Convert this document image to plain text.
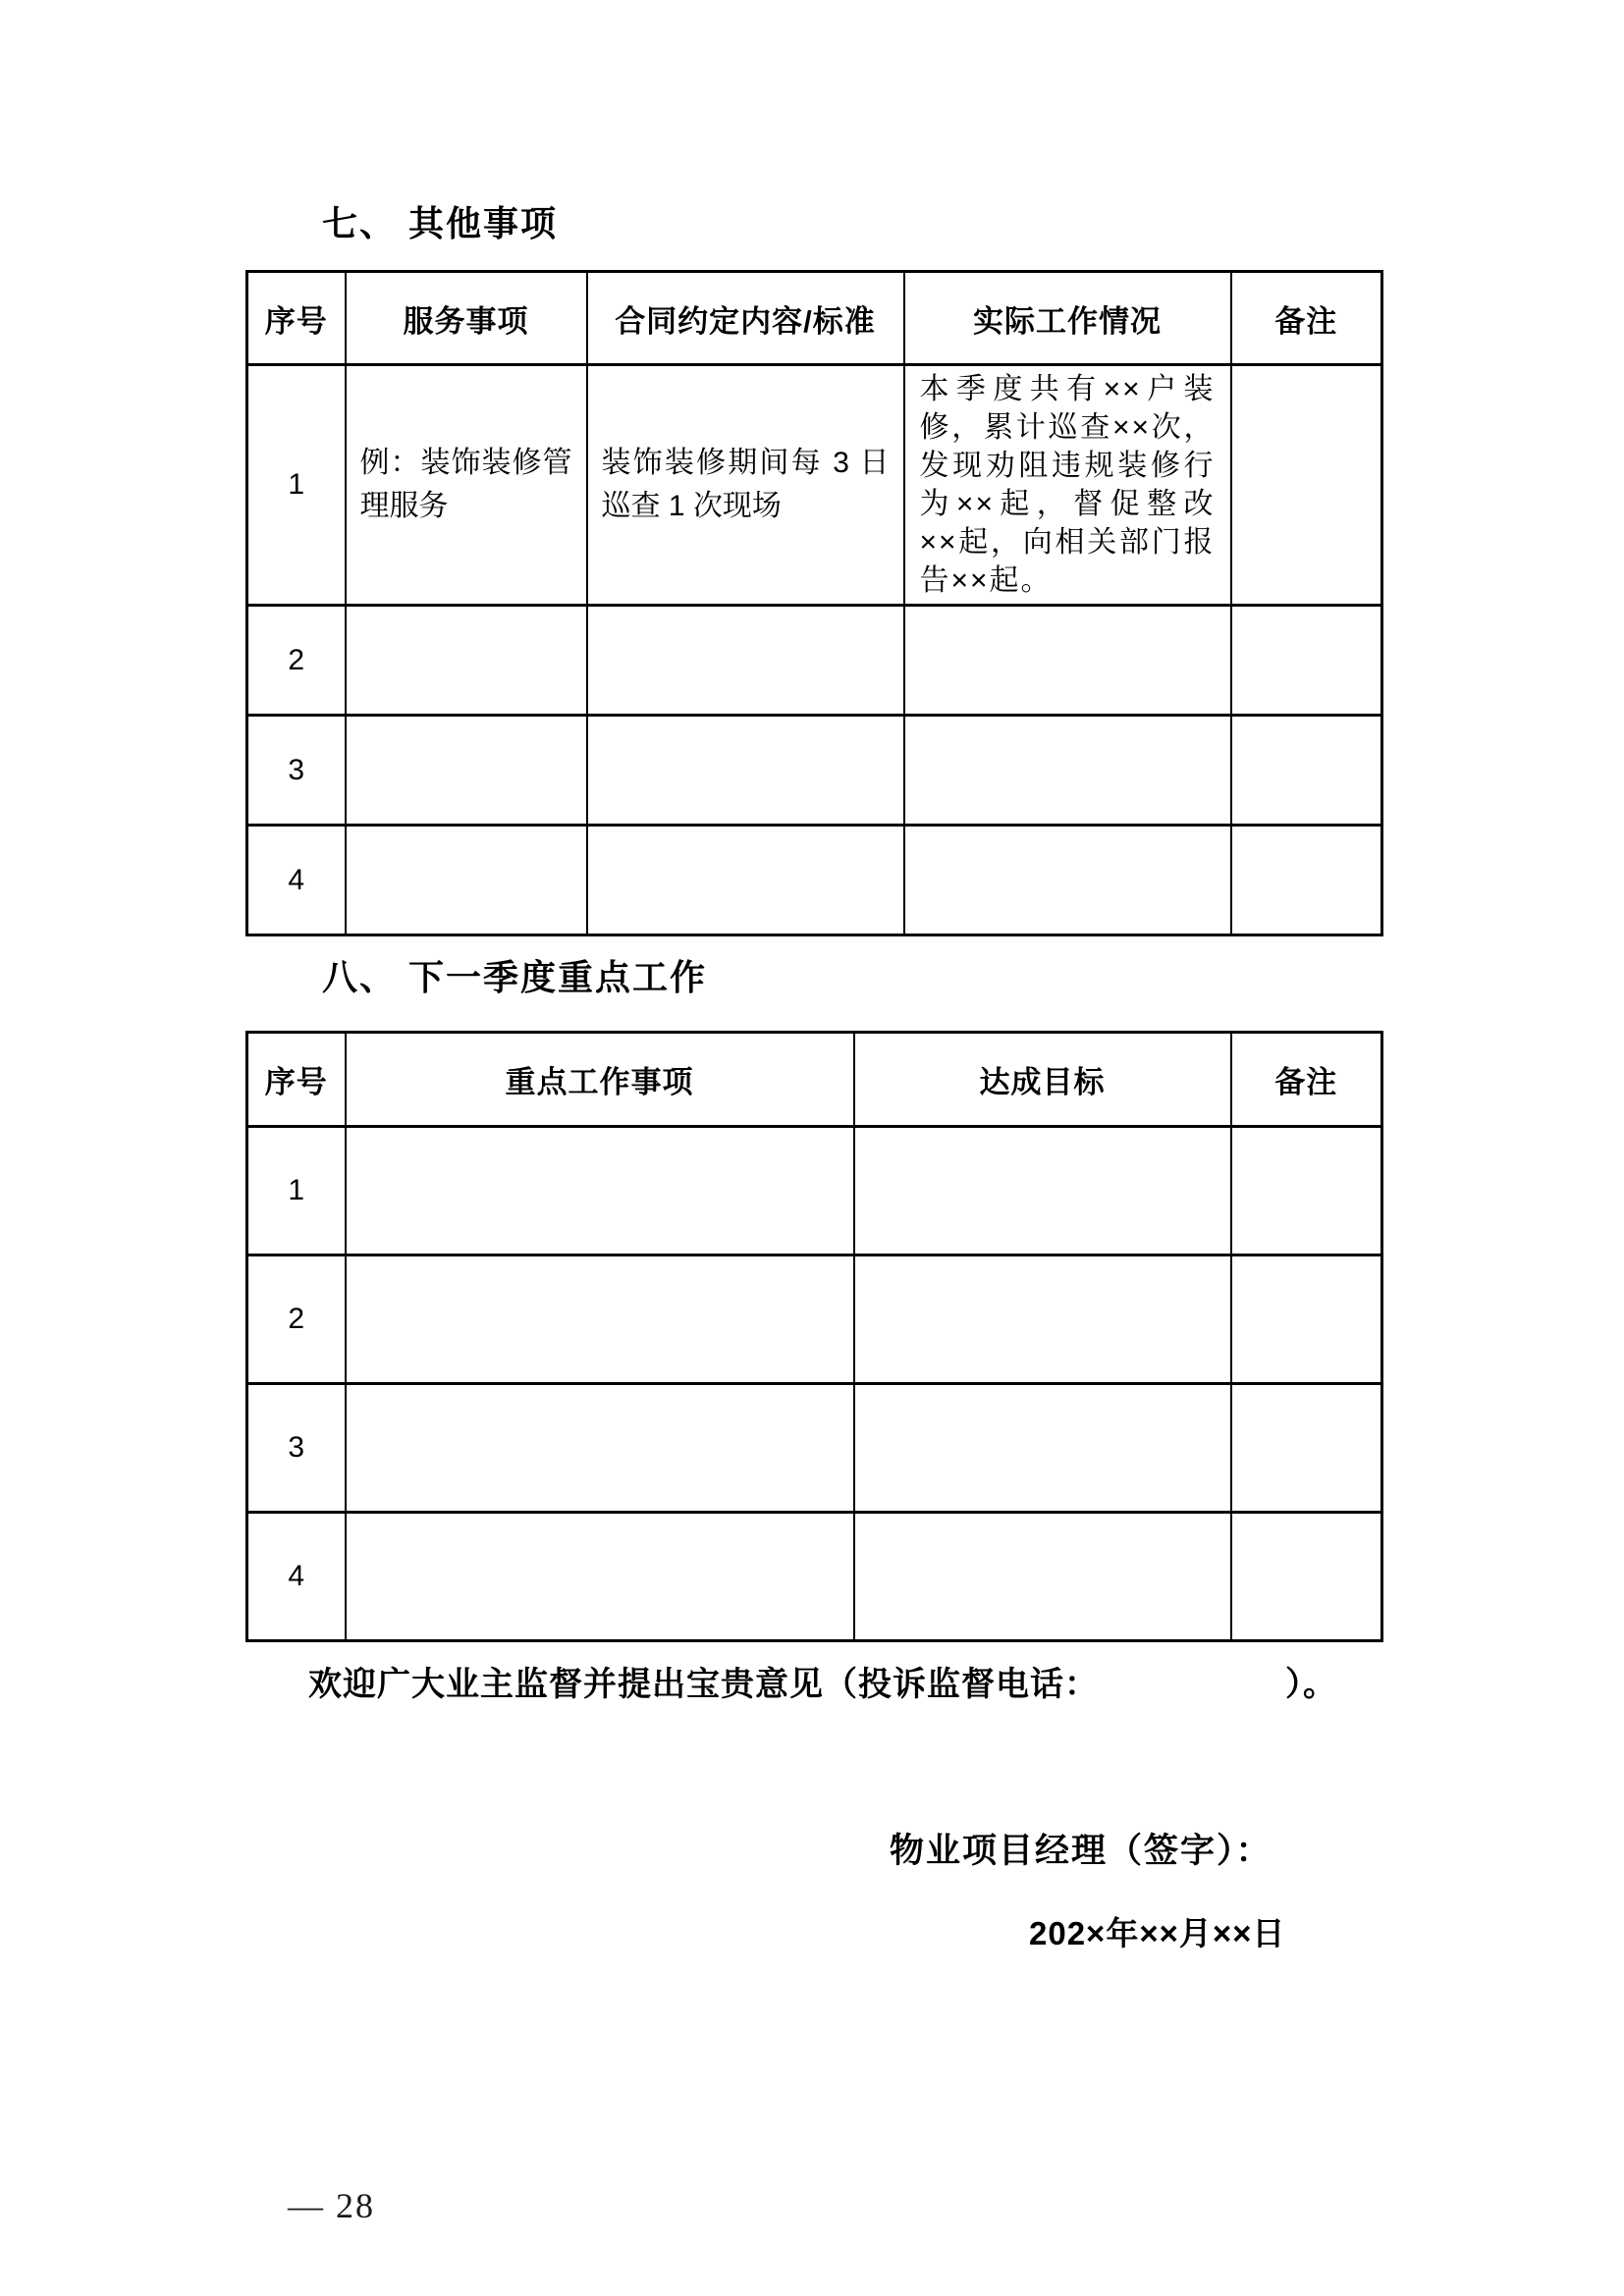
七、 其他事项
序号	服务事项	合同约定内容/标准	实际工作情况	备注
1	例：装饰装修管理服务	装饰装修期间每 3 日巡查 1 次现场	本季度共有××户装修，累计巡查××次，发现劝阻违规装修行为××起，督促整改××起，向相关部门报告××起。	
2				
3				
4				
八、 下一季度重点工作
序号	重点工作事项	达成目标	备注
1			
2			
3			
4			
欢迎广大业主监督并提出宝贵意见（投诉监督电话：	）。
物业项目经理（签字）：
202×年××月××日
— 28
